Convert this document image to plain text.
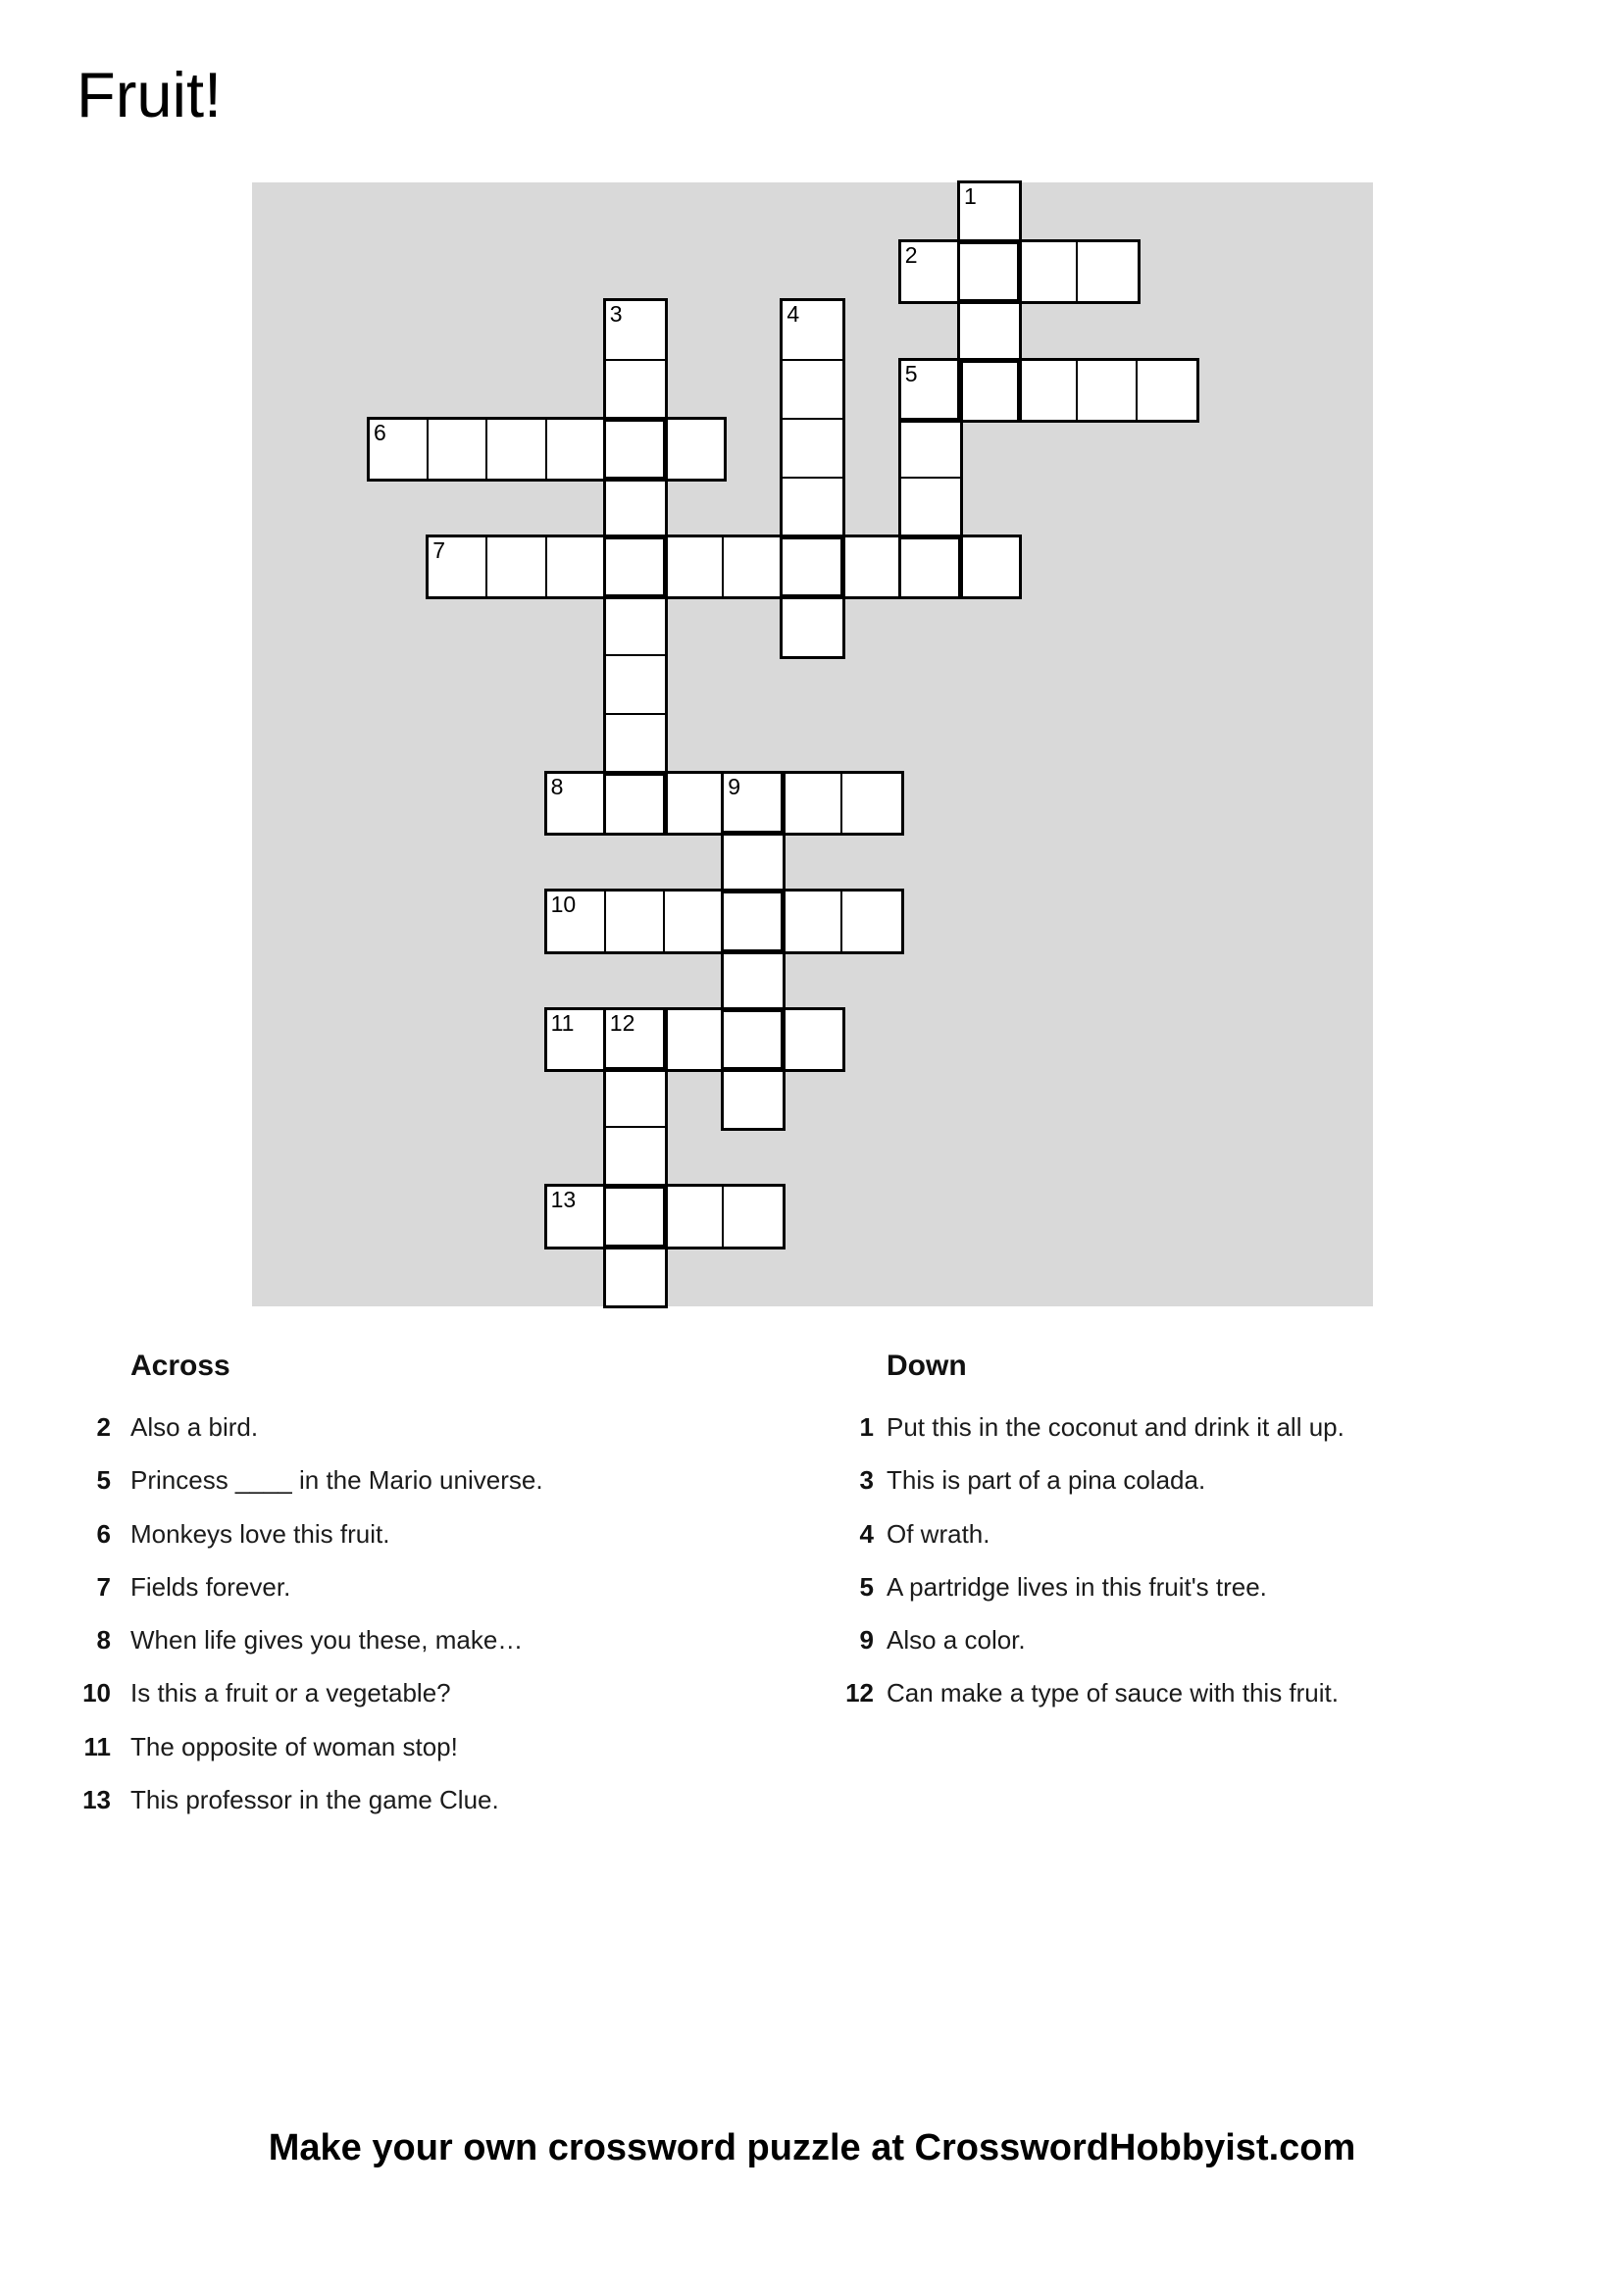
Fruit!
2
5
6
7
8	9
10
11 12
13
1
3	4
Across
2 Also a bird.
5 Princess ____ in the Mario universe.
6 Monkeys love this fruit.
7 Fields forever.
8 When life gives you these, make…
10 Is this a fruit or a vegetable?
11 The opposite of woman stop!
13 This professor in the game Clue.
Down
1 Put this in the coconut and drink it all up.
3 This is part of a pina colada.
4 Of wrath.
5 A partridge lives in this fruit's tree.
9 Also a color.
12 Can make a type of sauce with this fruit.
Make your own crossword puzzle at CrosswordHobbyist.com
